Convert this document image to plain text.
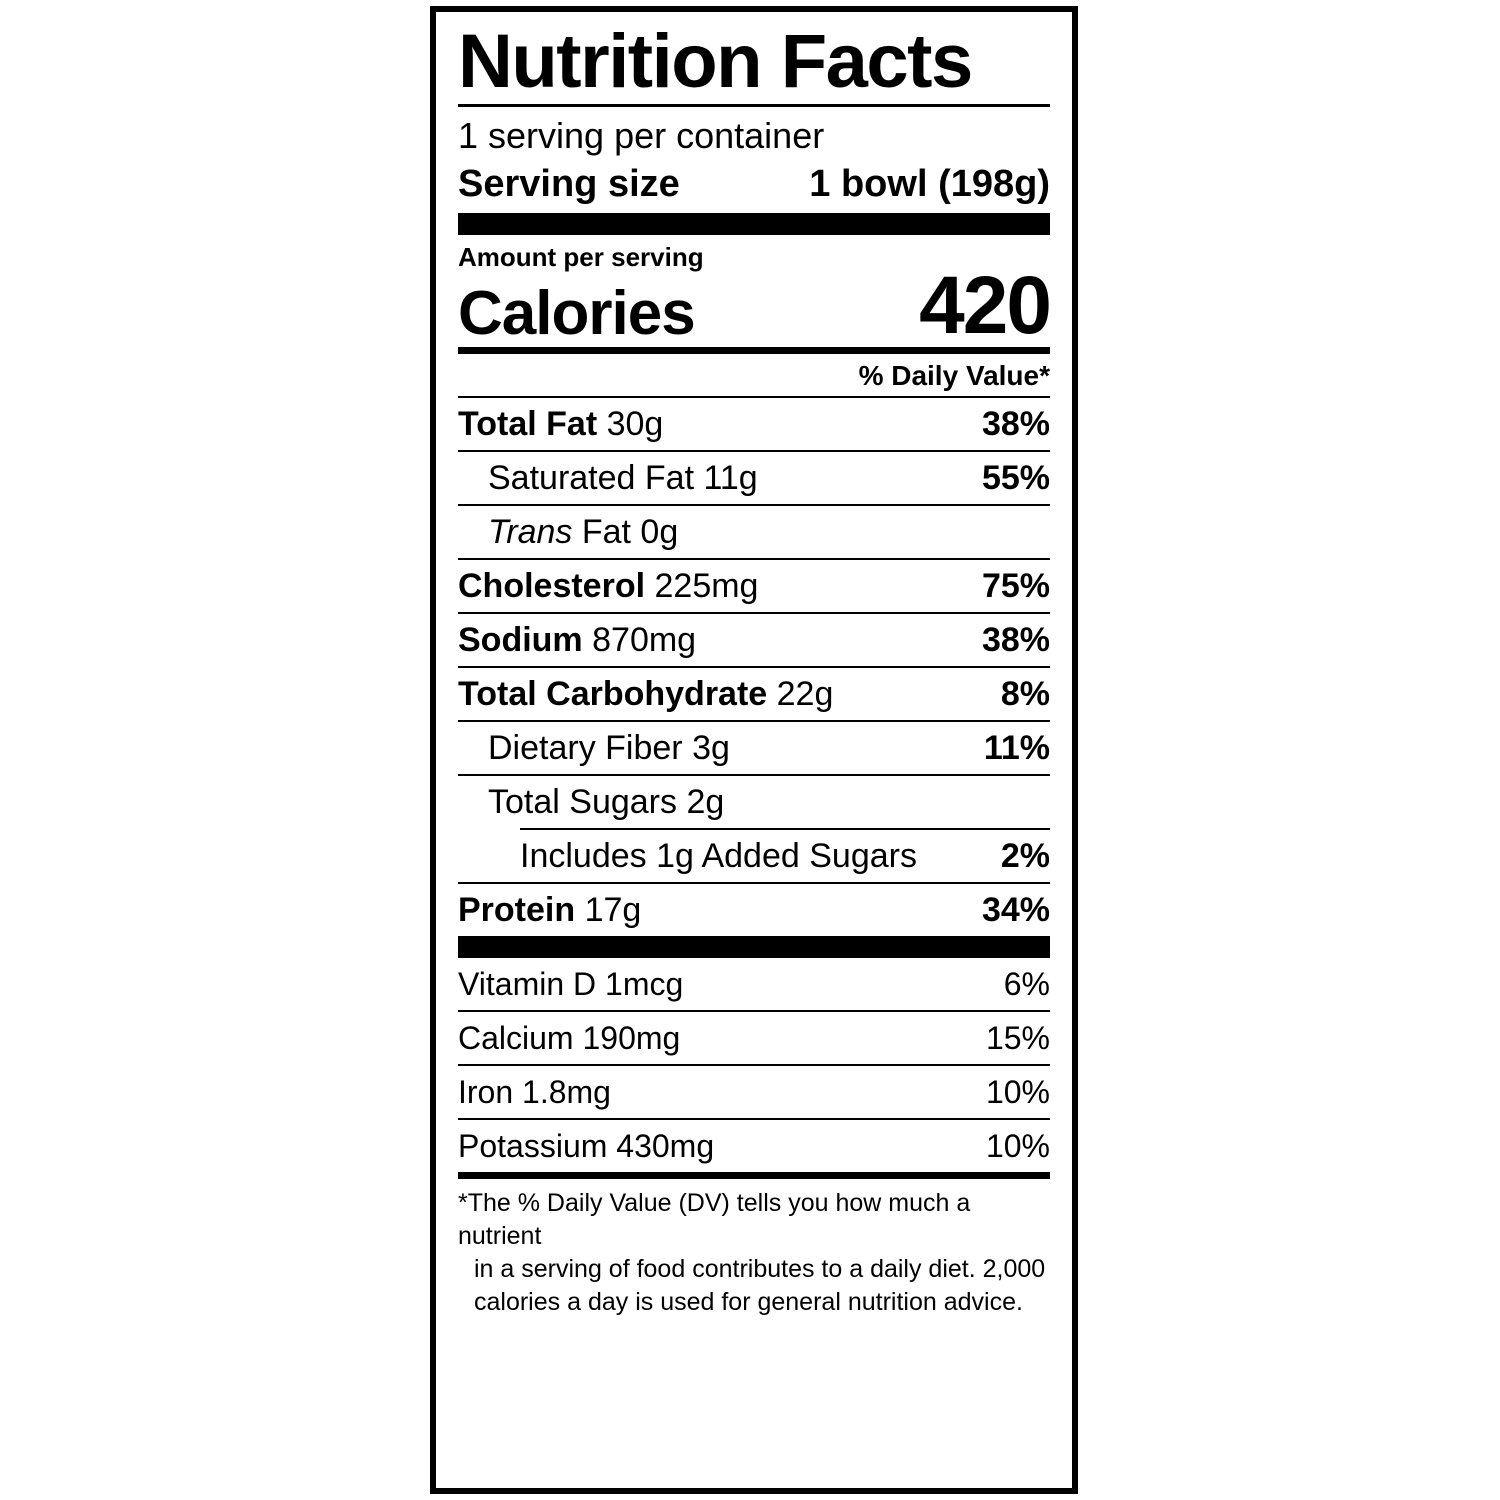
Nutrition Facts
1 serving per container
Serving size	1 bowl (198g)
Amount per serving
Calories	420
% Daily Value*
Total Fat 30g	38%
Saturated Fat 11g	55%
Trans Fat 0g
Cholesterol 225mg	75%
Sodium 870mg	38%
Total Carbohydrate 22g	8%
Dietary Fiber 3g	11%
Total Sugars 2g
Includes 1g Added Sugars 2%
Protein 17g	34%
Vitamin D 1mcg	6%
Calcium 190mg	15%
Iron 1.8mg	10%
Potassium 430mg	10%
*The % Daily Value (DV) tells you how much a nutrient
in a serving of food contributes to a daily diet. 2,000
calories a day is used for general nutrition advice.
